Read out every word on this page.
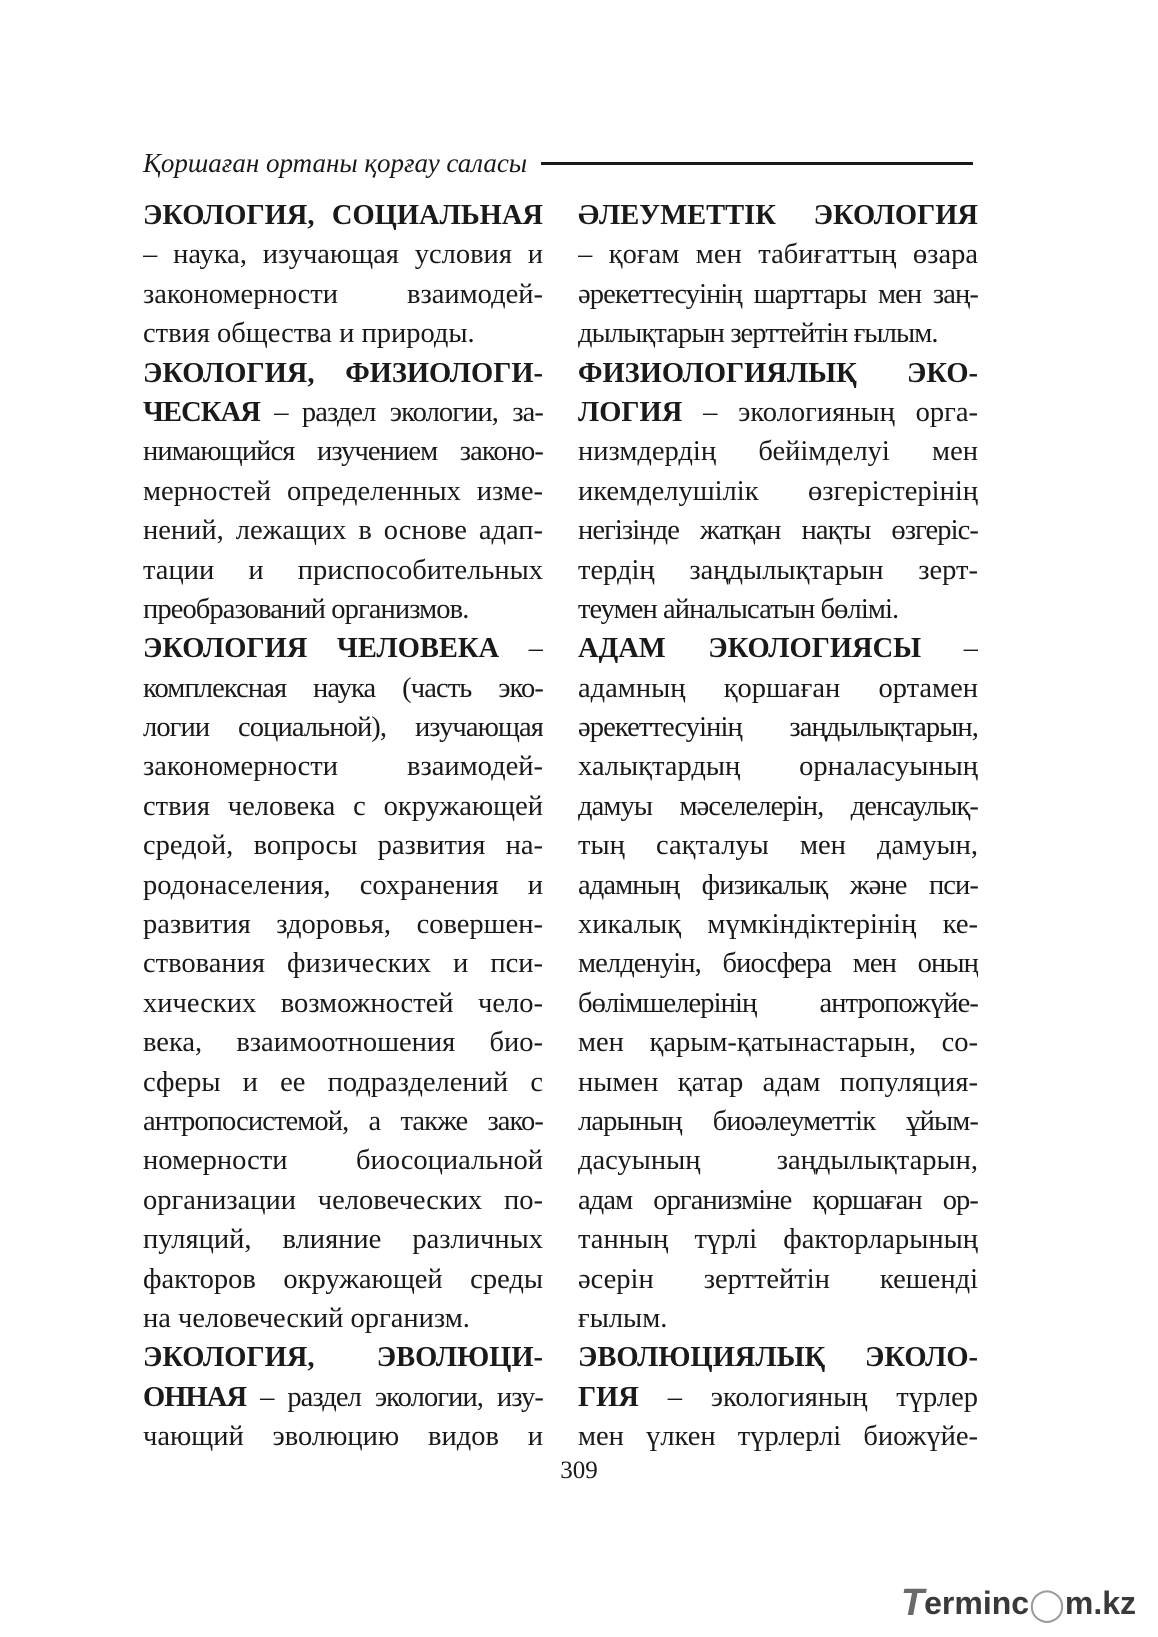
Қоршаған ортаны қорғау саласы
ЭКОЛОГИЯ, СОЦИАЛЬНАЯ
– наука, изучающая условия и
закономерности взаимодей-
ствия общества и природы.
ЭКОЛОГИЯ, ФИЗИОЛОГИ-
ЧЕСКАЯ – раздел экологии, за-
нимающийся изучением законо-
мерностей определенных изме-
нений, лежащих в основе адап-
тации и приспособительных
преобразований организмов.
ЭКОЛОГИЯ ЧЕЛОВЕКА –
комплексная наука (часть эко-
логии социальной), изучающая
закономерности взаимодей-
ствия человека с окружающей
средой, вопросы развития на-
родонаселения, сохранения и
развития здоровья, совершен-
ствования физических и пси-
хических возможностей чело-
века, взаимоотношения био-
сферы и ее подразделений с
антропосистемой, а также зако-
номерности биосоциальной
организации человеческих по-
пуляций, влияние различных
факторов окружающей среды
на человеческий организм.
ЭКОЛОГИЯ, ЭВОЛЮЦИ-
ОННАЯ – раздел экологии, изу-
чающий эволюцию видов и
ӘЛЕУМЕТТІК ЭКОЛОГИЯ
– қоғам мен табиғаттың өзара
әрекеттесуінің шарттары мен заң-
дылықтарын зерттейтін ғылым.
ФИЗИОЛОГИЯЛЫҚ ЭКО-
ЛОГИЯ – экологияның орга-
низмдердің бейімделуі мен
икемделушілік өзгерістерінің
негізінде жатқан нақты өзгеріс-
тердің заңдылықтарын зерт-
теумен айналысатын бөлімі.
АДАМ ЭКОЛОГИЯСЫ –
адамның қоршаған ортамен
әрекеттесуінің заңдылықтарын,
халықтардың орналасуының
дамуы мәселелерін, денсаулық-
тың сақталуы мен дамуын,
адамның физикалық және пси-
хикалық мүмкіндіктерінің ке-
мелденуін, биосфера мен оның
бөлімшелерінің антропожүйе-
мен қарым-қатынастарын, со-
нымен қатар адам популяция-
ларының биоәлеуметтік ұйым-
дасуының заңдылықтарын,
адам организміне қоршаған ор-
танның түрлі факторларының
әсерін зерттейтін кешенді
ғылым.
ЭВОЛЮЦИЯЛЫҚ ЭКОЛО-
ГИЯ – экологияның түрлер
мен үлкен түрлерлі биожүйе-
309
T erminc ◯ m.kz
